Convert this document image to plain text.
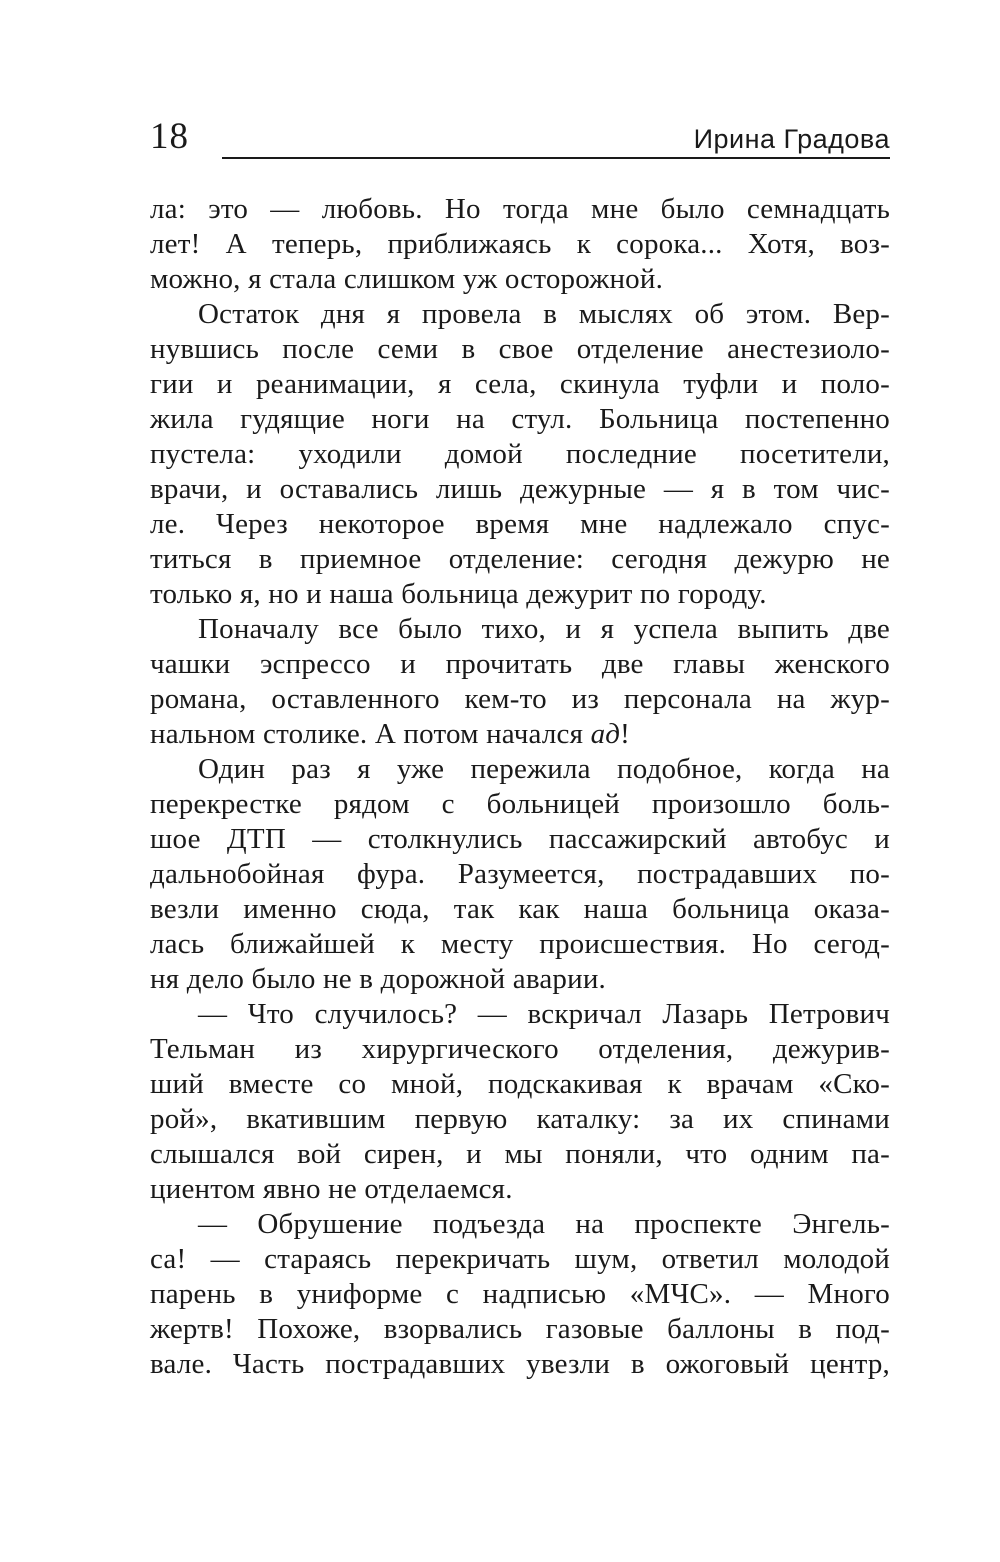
18	Ирина Градова
ла: это — любовь. Но тогда мне было семнадцать
лет! А теперь, приближаясь к сорока... Хотя, воз-
можно, я стала слишком уж осторожной.
Остаток дня я провела в мыслях об этом. Вер-
нувшись после семи в свое отделение анестезиоло-
гии и реанимации, я села, скинула туфли и поло-
жила гудящие ноги на стул. Больница постепенно
пустела: уходили домой последние посетители,
врачи, и оставались лишь дежурные — я в том чис-
ле. Через некоторое время мне надлежало спус-
титься в приемное отделение: сегодня дежурю не
только я, но и наша больница дежурит по городу.
Поначалу все было тихо, и я успела выпить две
чашки эспрессо и прочитать две главы женского
романа, оставленного кем-то из персонала на жур-
нальном столике. А потом начался ад!
Один раз я уже пережила подобное, когда на
перекрестке рядом с больницей произошло боль-
шое ДТП — столкнулись пассажирский автобус и
дальнобойная фура. Разумеется, пострадавших по-
везли именно сюда, так как наша больница оказа-
лась ближайшей к месту происшествия. Но сегод-
ня дело было не в дорожной аварии.
— Что случилось? — вскричал Лазарь Петрович
Тельман из хирургического отделения, дежурив-
ший вместе со мной, подскакивая к врачам «Ско-
рой», вкатившим первую каталку: за их спинами
слышался вой сирен, и мы поняли, что одним па-
циентом явно не отделаемся.
— Обрушение подъезда на проспекте Энгель-
са! — стараясь перекричать шум, ответил молодой
парень в униформе с надписью «МЧС». — Много
жертв! Похоже, взорвались газовые баллоны в под-
вале. Часть пострадавших увезли в ожоговый центр,
